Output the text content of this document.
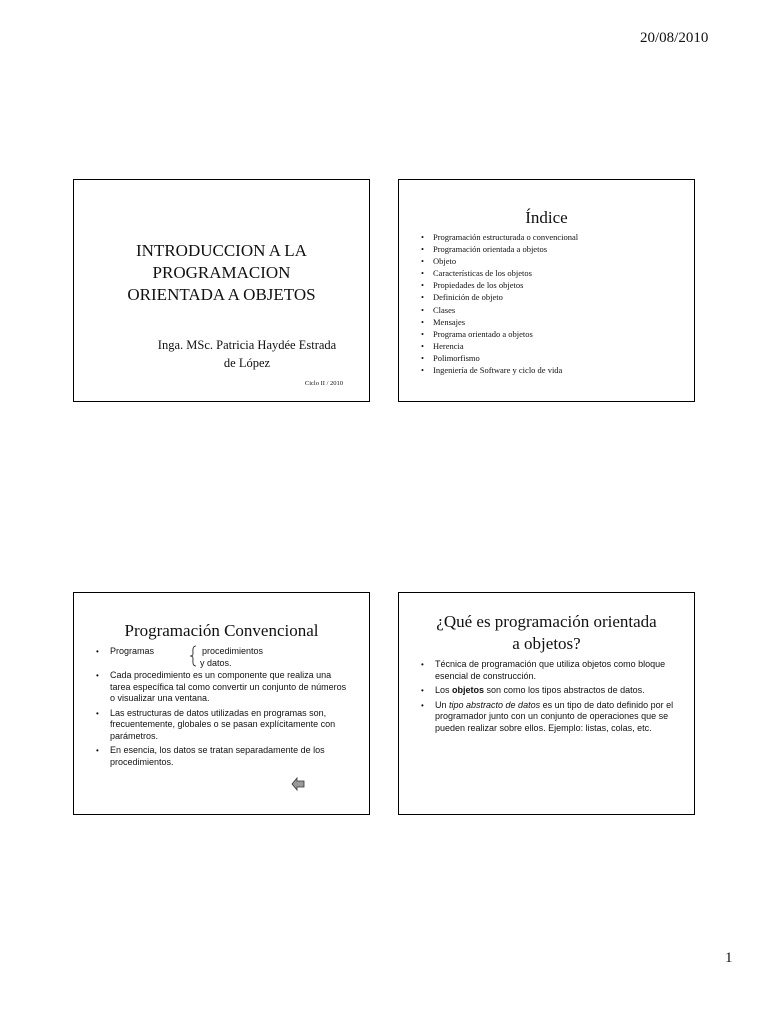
20/08/2010
INTRODUCCION A LA
PROGRAMACION
ORIENTADA A OBJETOS
Inga. MSc. Patricia Haydée Estrada
de López
Ciclo II / 2010
Índice
• Programación estructurada o convencional
• Programación orientada a objetos
• Objeto
• Características de los objetos
• Propiedades de los objetos
• Definición de objeto
• Clases
• Mensajes
• Programa orientado a objetos
• Herencia
• Polimorfismo
• Ingeniería de Software y ciclo de vida
Programación Convencional
• Programas	procedimientos
y datos.
• Cada procedimiento es un componente que realiza una tarea específica tal como convertir un conjunto de números o visualizar una ventana.
• Las estructuras de datos utilizadas en programas son, frecuentemente, globales o se pasan explícitamente con parámetros.
• En esencia, los datos se tratan separadamente de los procedimientos.
¿Qué es programación orientada
a objetos?
• Técnica de programación que utiliza objetos como bloque esencial de construcción.
• Los objetos son como los tipos abstractos de datos.
• Un tipo abstracto de datos es un tipo de dato definido por el programador junto con un conjunto de operaciones que se pueden realizar sobre ellos. Ejemplo: listas, colas, etc.
1
